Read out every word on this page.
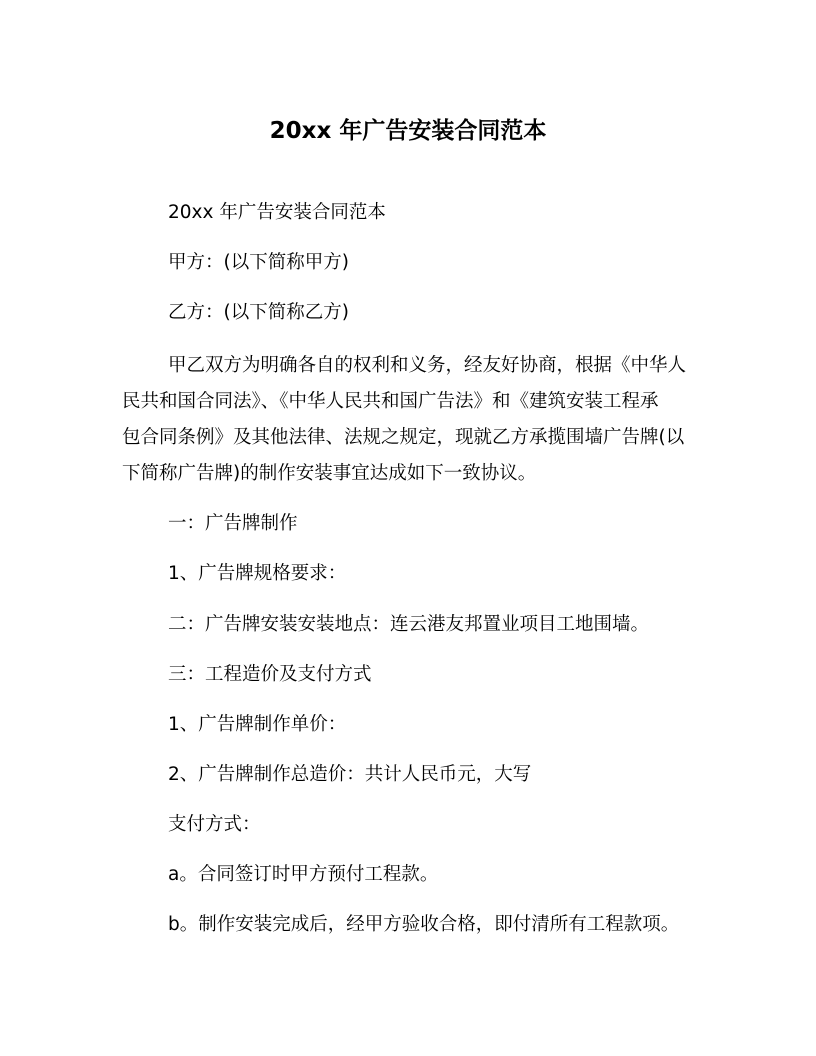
20xx 年广告安装合同范本
20xx 年广告安装合同范本
甲方：(以下简称甲方)
乙方：(以下简称乙方)
甲乙双方为明确各自的权利和义务，经友好协商，根据《中华人
民共和国合同法》、《中华人民共和国广告法》和《建筑安装工程承
包合同条例》及其他法律、法规之规定，现就乙方承揽围墙广告牌(以
下简称广告牌)的制作安装事宜达成如下一致协议。
一：广告牌制作
1、广告牌规格要求：
二：广告牌安装安装地点：连云港友邦置业项目工地围墙。
三：工程造价及支付方式
1、广告牌制作单价：
2、广告牌制作总造价：共计人民币元，大写
支付方式：
a。合同签订时甲方预付工程款。
b。制作安装完成后，经甲方验收合格，即付清所有工程款项。
